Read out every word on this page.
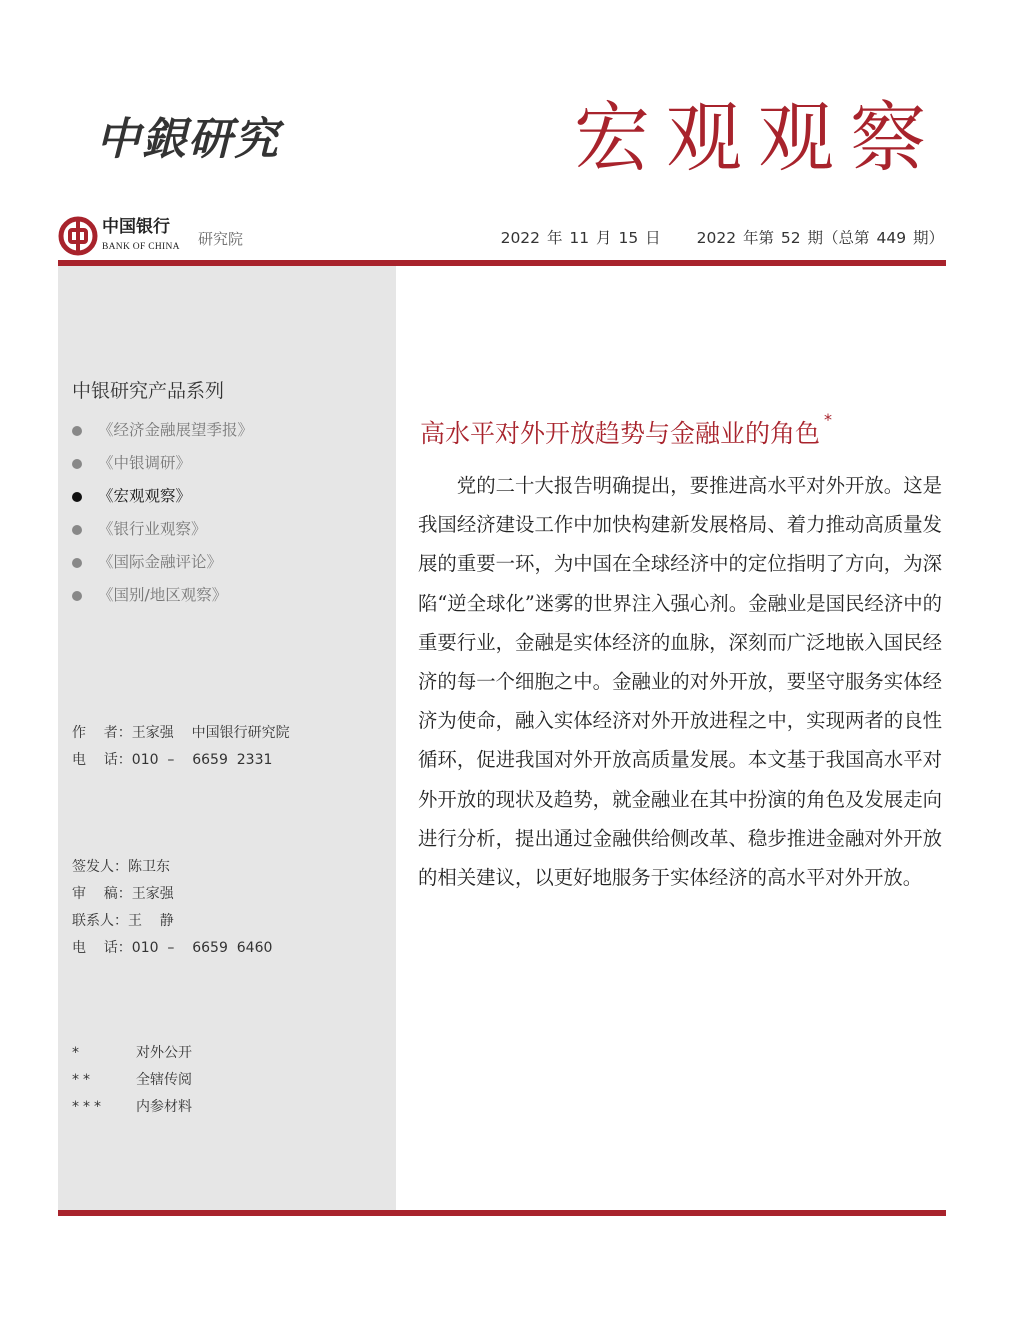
中銀研究	宏观观察
中国银行
BANK OF CHINA 研究院	2022 年 11 月 15 日 2022 年第 52 期（总第 449 期）
中银研究产品系列
《经济金融展望季报》
《中银调研》
《宏观观察》
《银行业观察》
《国际金融评论》
《国别/地区观察》
作    者：王家强    中国银行研究院
电    话：010  –    6659  2331
签发人：陈卫东
审    稿：王家强
联系人：王    静
电    话：010  –    6659  6460
*	对外公开
**	全辖传阅
***	内参材料
高水平对外开放趋势与金融业的角色 *

党的二十大报告明确提出，要推进高水平对外开放。这是我国经济建设工作中加快构建新发展格局、着力推动高质量发展的重要一环，为中国在全球经济中的定位指明了方向，为深陷“逆全球化”迷雾的世界注入强心剂。金融业是国民经济中的重要行业，金融是实体经济的血脉，深刻而广泛地嵌入国民经济的每一个细胞之中。金融业的对外开放，要坚守服务实体经济为使命，融入实体经济对外开放进程之中，实现两者的良性循环，促进我国对外开放高质量发展。本文基于我国高水平对外开放的现状及趋势，就金融业在其中扮演的角色及发展走向进行分析，提出通过金融供给侧改革、稳步推进金融对外开放的相关建议，以更好地服务于实体经济的高水平对外开放。
